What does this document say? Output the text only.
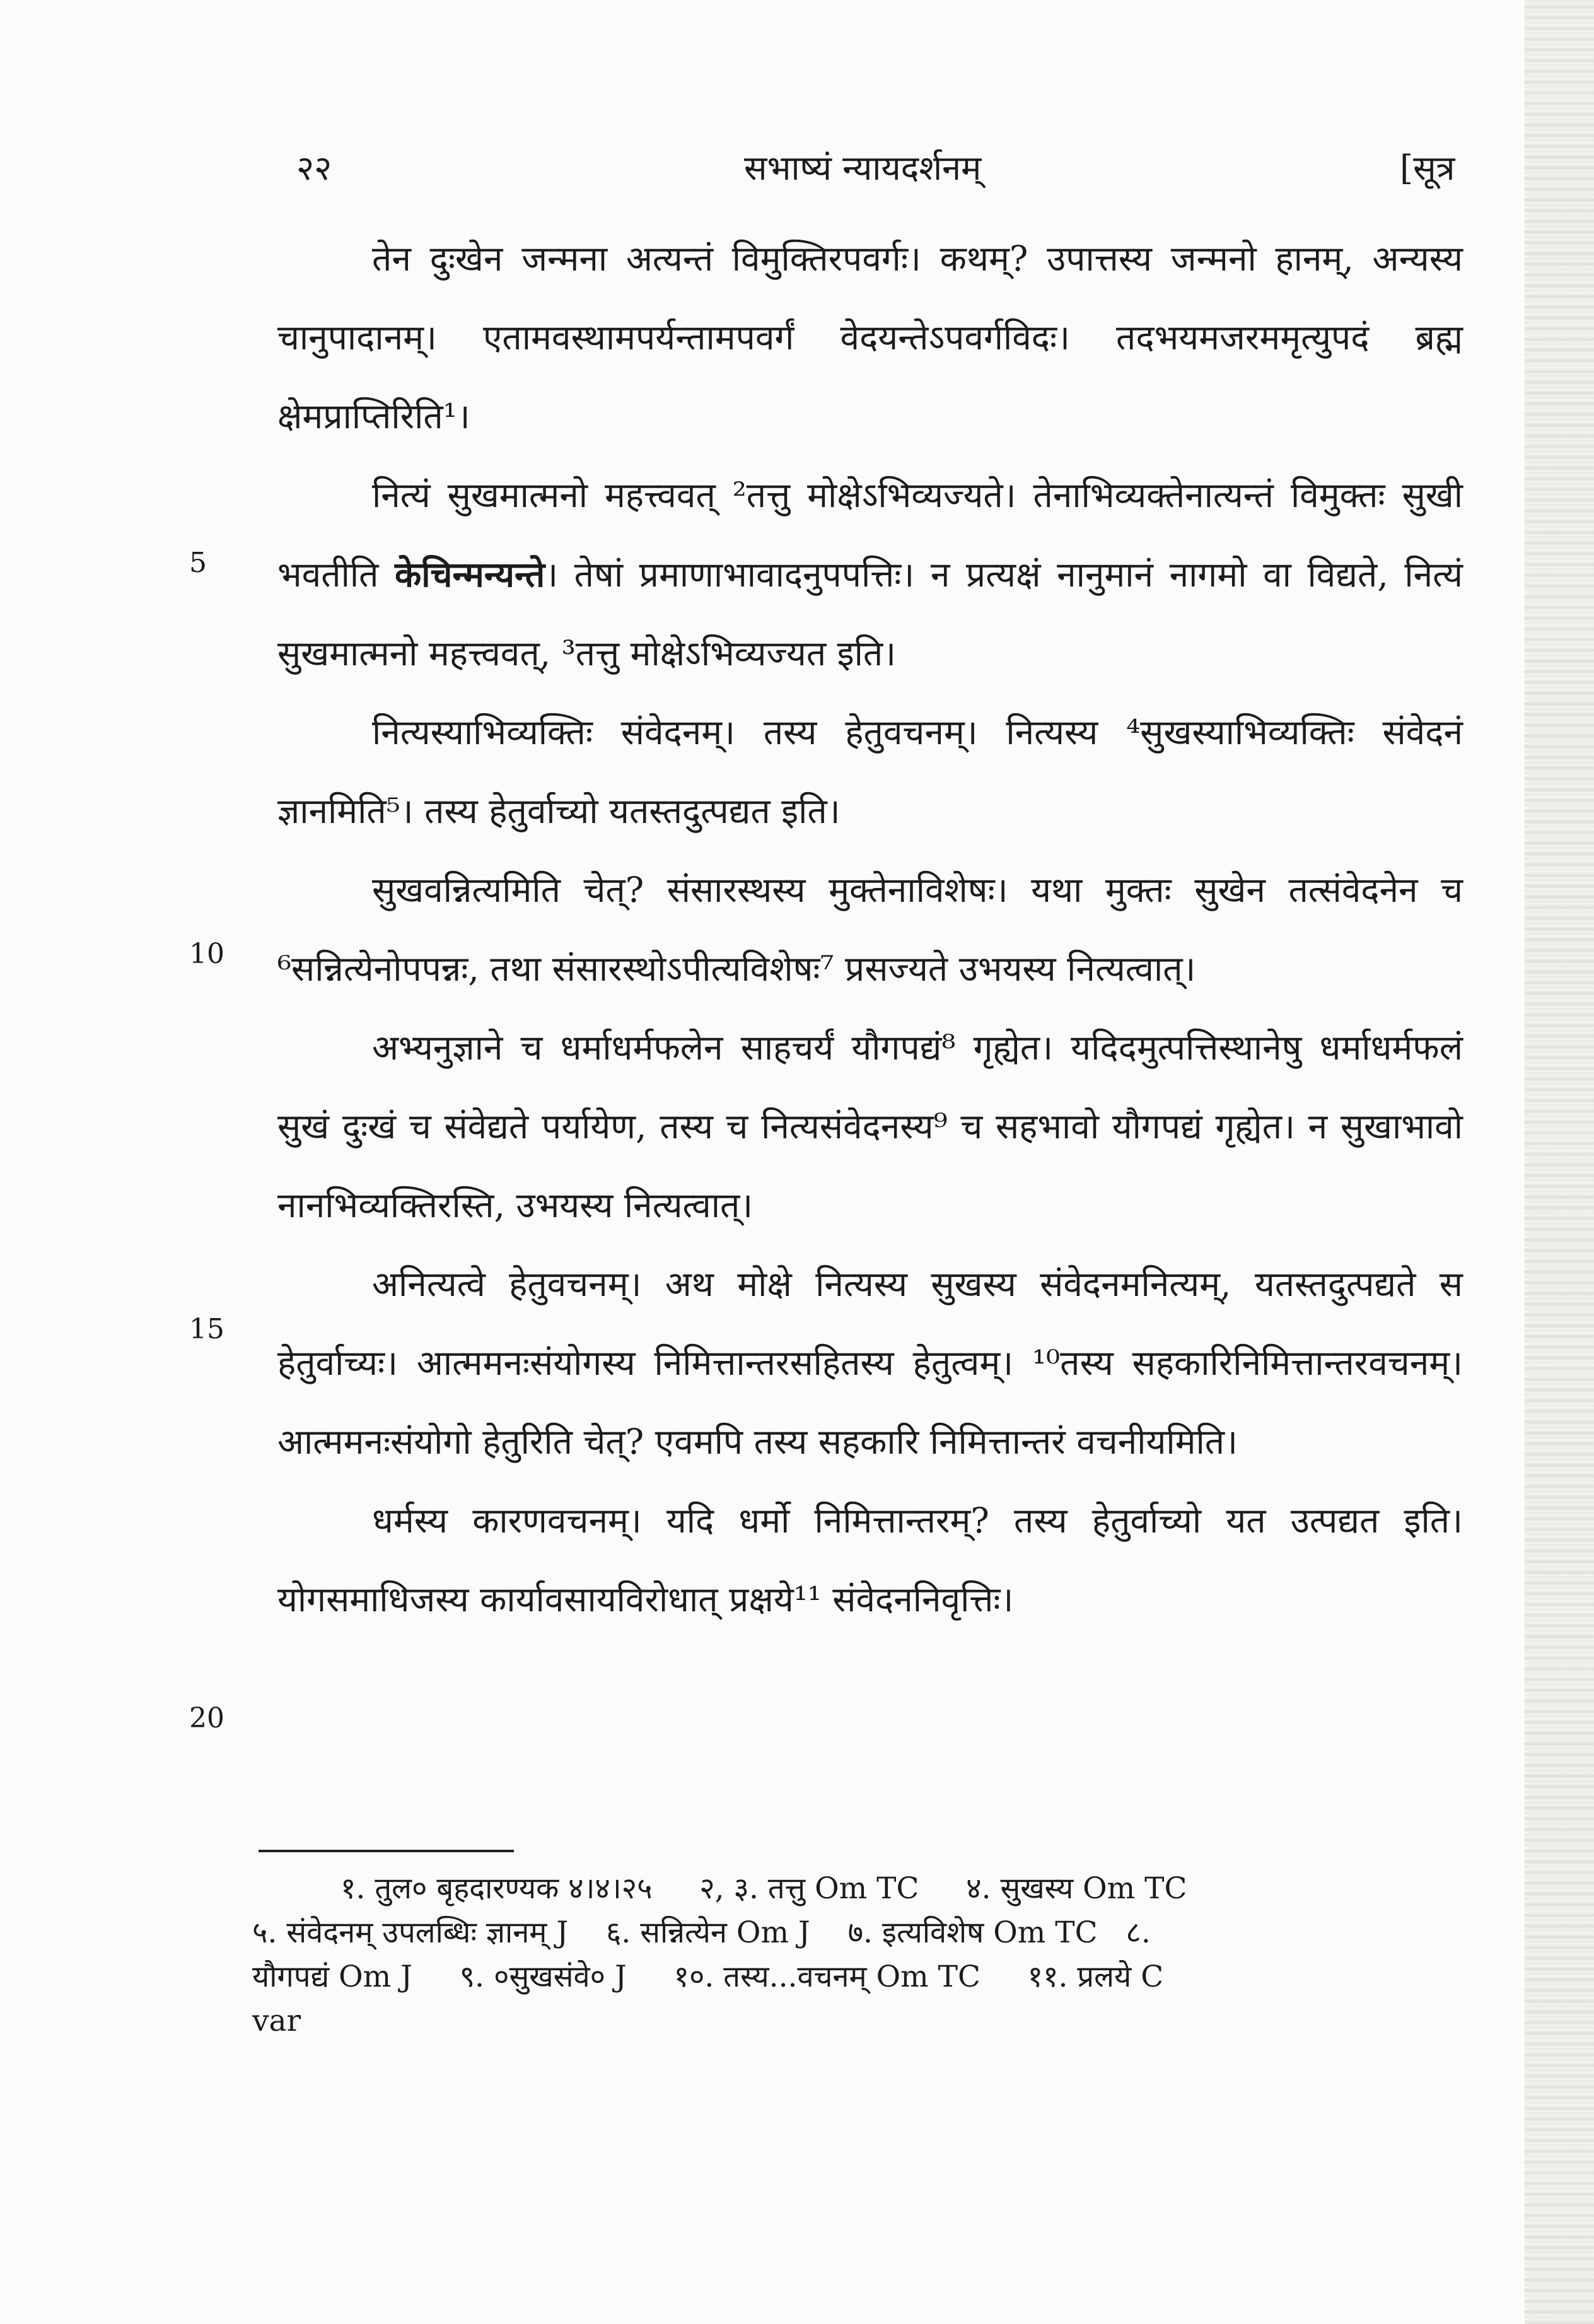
२२	सभाष्यं न्यायदर्शनम्	[सूत्र
5
10
15
20

तेन दुःखेन जन्मना अत्यन्तं विमुक्तिरपवर्गः। कथम्? उपात्तस्य जन्मनो हानम्, अन्यस्य चानुपादानम्। एतामवस्थामपर्यन्तामपवर्गं वेदयन्तेऽपवर्गविदः। तदभयमजरममृत्युपदं ब्रह्म क्षेमप्राप्तिरिति¹।

नित्यं सुखमात्मनो महत्त्ववत् ²तत्तु मोक्षेऽभिव्यज्यते। तेनाभिव्यक्तेनात्यन्तं विमुक्तः सुखी भवतीति केचिन्मन्यन्ते। तेषां प्रमाणाभावादनुपपत्तिः। न प्रत्यक्षं नानुमानं नागमो वा विद्यते, नित्यं सुखमात्मनो महत्त्ववत्, ³तत्तु मोक्षेऽभिव्यज्यत इति।

नित्यस्याभिव्यक्तिः संवेदनम्। तस्य हेतुवचनम्। नित्यस्य ⁴सुखस्याभिव्यक्तिः संवेदनं ज्ञानमिति⁵। तस्य हेतुर्वाच्यो यतस्तदुत्पद्यत इति।

सुखवन्नित्यमिति चेत्? संसारस्थस्य मुक्तेनाविशेषः। यथा मुक्तः सुखेन तत्संवेदनेन च ⁶सन्नित्येनोपपन्नः, तथा संसारस्थोऽपीत्यविशेषः⁷ प्रसज्यते उभयस्य नित्यत्वात्।

अभ्यनुज्ञाने च धर्माधर्मफलेन साहचर्यं यौगपद्यं⁸ गृह्येत। यदिदमुत्पत्तिस्थानेषु धर्माधर्मफलं सुखं दुःखं च संवेद्यते पर्यायेण, तस्य च नित्यसंवेदनस्य⁹ च सहभावो यौगपद्यं गृह्येत। न सुखाभावो नानभिव्यक्तिरस्ति, उभयस्य नित्यत्वात्।

अनित्यत्वे हेतुवचनम्। अथ मोक्षे नित्यस्य सुखस्य संवेदनमनित्यम्, यतस्तदुत्पद्यते स हेतुर्वाच्यः। आत्ममनःसंयोगस्य निमित्तान्तरसहितस्य हेतुत्वम्। ¹⁰तस्य सहकारिनिमित्तान्तरवचनम्। आत्ममनःसंयोगो हेतुरिति चेत्? एवमपि तस्य सहकारि निमित्तान्तरं वचनीयमिति।

धर्मस्य कारणवचनम्। यदि धर्मो निमित्तान्तरम्? तस्य हेतुर्वाच्यो यत उत्पद्यत इति। योगसमाधिजस्य कार्यावसायविरोधात् प्रक्षये¹¹ संवेदननिवृत्तिः।

१. तुल० बृहदारण्यक ४।४।२५ २, ३. तत्तु Om TC ४. सुखस्य Om TC
५. संवेदनम् उपलब्धिः ज्ञानम् J ६. सन्नित्येन Om J ७. इत्यविशेष Om TC ८.
यौगपद्यं Om J ९. ०सुखसंवे० J १०. तस्य...वचनम् Om TC ११. प्रलये C
var
